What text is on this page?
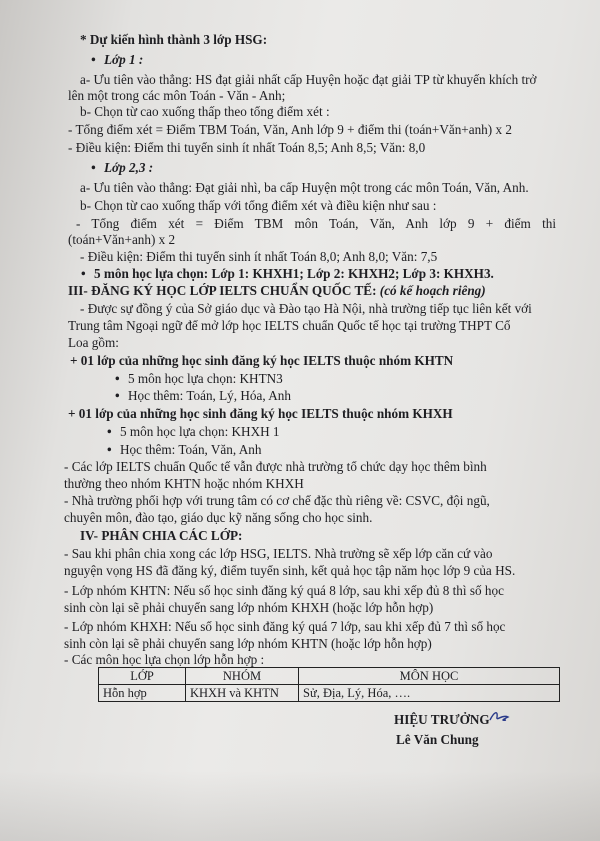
* Dự kiến hình thành 3 lớp HSG:
• Lớp 1 :
a- Ưu tiên vào thẳng: HS đạt giải nhất cấp Huyện hoặc đạt giải TP từ khuyến khích trở
lên một trong các môn Toán - Văn - Anh;
b- Chọn từ cao xuống thấp theo tổng điểm xét :
- Tổng điểm xét = Điểm TBM Toán, Văn, Anh lớp 9 + điểm thi (toán+Văn+anh) x 2
- Điều kiện: Điểm thi tuyển sinh ít nhất Toán 8,5; Anh 8,5; Văn: 8,0
• Lớp 2,3 :
a- Ưu tiên vào thẳng: Đạt giải nhì, ba cấp Huyện một trong các môn Toán, Văn, Anh.
b- Chọn từ cao xuống thấp với tổng điểm xét và điều kiện như sau :
- Tổng điểm xét = Điểm TBM môn Toán, Văn, Anh lớp 9 + điểm thi
(toán+Văn+anh) x 2
- Điều kiện: Điểm thi tuyển sinh ít nhất Toán 8,0; Anh 8,0; Văn: 7,5
• 5 môn học lựa chọn: Lớp 1: KHXH1; Lớp 2: KHXH2; Lớp 3: KHXH3.
III- ĐĂNG KÝ HỌC LỚP IELTS CHUẨN QUỐC TẾ: (có kế hoạch riêng)
- Được sự đồng ý của Sở giáo dục và Đào tạo Hà Nội, nhà trường tiếp tục liên kết với
Trung tâm Ngoại ngữ để mở lớp học IELTS chuẩn Quốc tế học tại trường THPT Cổ
Loa gồm:
+ 01 lớp của những học sinh đăng ký học IELTS thuộc nhóm KHTN
• 5 môn học lựa chọn: KHTN3
• Học thêm: Toán, Lý, Hóa, Anh
+ 01 lớp của những học sinh đăng ký học IELTS thuộc nhóm KHXH
• 5 môn học lựa chọn: KHXH 1
• Học thêm: Toán, Văn, Anh
- Các lớp IELTS chuẩn Quốc tế vẫn được nhà trường tổ chức dạy học thêm bình
thường theo nhóm KHTN hoặc nhóm KHXH
- Nhà trường phối hợp với trung tâm có cơ chế đặc thù riêng về: CSVC, đội ngũ,
chuyên môn, đào tạo, giáo dục kỹ năng sống cho học sinh.
IV- PHÂN CHIA CÁC LỚP:
- Sau khi phân chia xong các lớp HSG, IELTS. Nhà trường sẽ xếp lớp căn cứ vào
nguyện vọng HS đã đăng ký, điểm tuyển sinh, kết quả học tập năm học lớp 9 của HS.
- Lớp nhóm KHTN: Nếu số học sinh đăng ký quá 8 lớp, sau khi xếp đủ 8 thì số học
sinh còn lại sẽ phải chuyển sang lớp nhóm KHXH (hoặc lớp hỗn hợp)
- Lớp nhóm KHXH: Nếu số học sinh đăng ký quá 7 lớp, sau khi xếp đủ 7 thì số học
sinh còn lại sẽ phải chuyển sang lớp nhóm KHTN (hoặc lớp hỗn hợp)
- Các môn học lựa chọn lớp hỗn hợp :
LỚP	NHÓM	MÔN HỌC
Hỗn hợp	KHXH và KHTN	Sử, Địa, Lý, Hóa, ….
HIỆU TRƯỞNG
Lê Văn Chung
